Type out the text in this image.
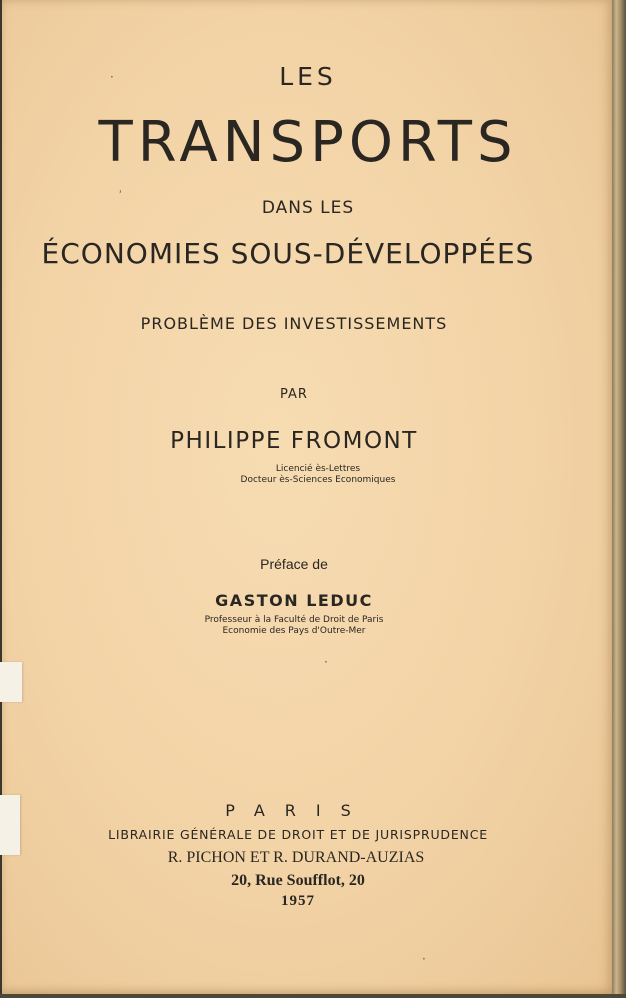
LES
TRANSPORTS
DANS LES
ÉCONOMIES SOUS-DÉVELOPPÉES
PROBLÈME DES INVESTISSEMENTS
PAR
PHILIPPE FROMONT
Licencié ès-Lettres
Docteur ès-Sciences Economiques
Préface de
GASTON LEDUC
Professeur à la Faculté de Droit de Paris
Economie des Pays d'Outre-Mer
PARIS
LIBRAIRIE GÉNÉRALE DE DROIT ET DE JURISPRUDENCE
R. PICHON ET R. DURAND-AUZIAS
20, Rue Soufflot, 20
1957
·
ˏ
·
·
